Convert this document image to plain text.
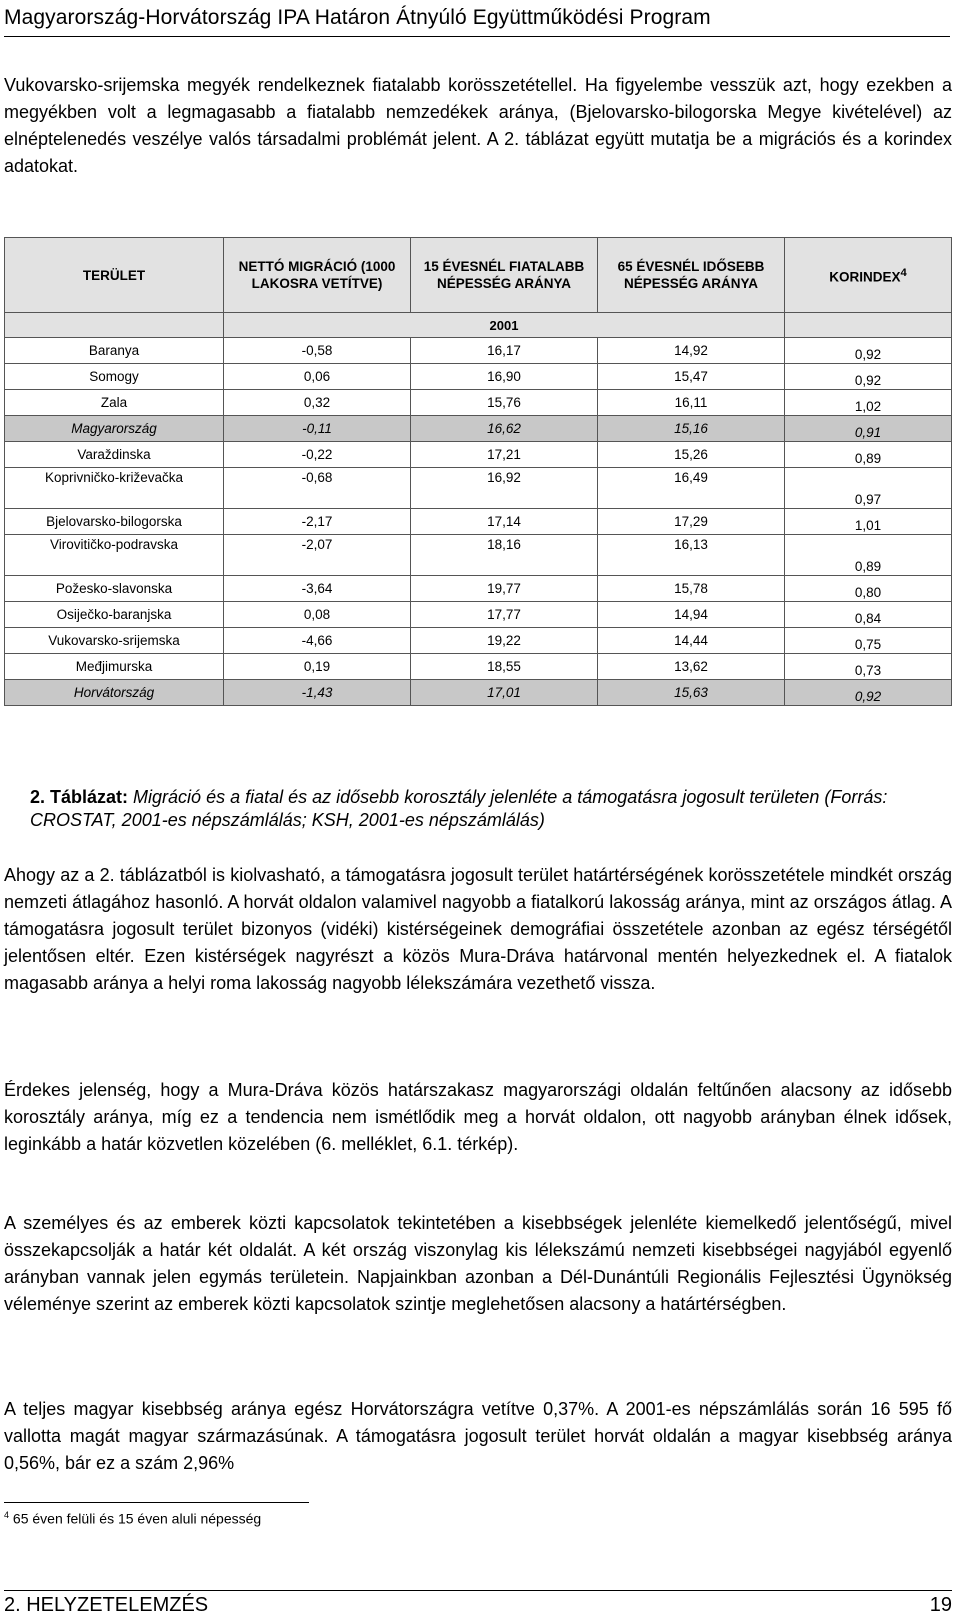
Magyarország-Horvátország IPA Határon Átnyúló Együttműködési Program

Vukovarsko-srijemska megyék rendelkeznek fiatalabb korösszetétellel. Ha figyelembe vesszük azt, hogy ezekben a megyékben volt a legmagasabb a fiatalabb nemzedékek aránya, (Bjelovarsko-bilogorska Megye kivételével) az elnéptelenedés veszélye valós társadalmi problémát jelent. A 2. táblázat együtt mutatja be a migrációs és a korindex adatokat.

TERÜLET	NETTÓ MIGRÁCIÓ (1000 LAKOSRA VETÍTVE)	15 ÉVESNÉL FIATALABB NÉPESSÉG ARÁNYA	65 ÉVESNÉL IDŐSEBB NÉPESSÉG ARÁNYA	KORINDEX$^4$
	2001			
Baranya	-0,58	16,17	14,92	0,92
Somogy	0,06	16,90	15,47	0,92
Zala	0,32	15,76	16,11	1,02
Magyarország	-0,11	16,62	15,16	0,91
Varaždinska	-0,22	17,21	15,26	0,89
Koprivničko-križevačka	-0,68	16,92	16,49	0,97
Bjelovarsko-bilogorska	-2,17	17,14	17,29	1,01
Virovitičko-podravska	-2,07	18,16	16,13	0,89
Požesko-slavonska	-3,64	19,77	15,78	0,80
Osiječko-baranjska	0,08	17,77	14,94	0,84
Vukovarsko-srijemska	-4,66	19,22	14,44	0,75
Međjimurska	0,19	18,55	13,62	0,73
Horvátország	-1,43	17,01	15,63	0,92
2. Táblázat: Migráció és a fiatal és az idősebb korosztály jelenléte a támogatásra jogosult területen (Forrás: CROSTAT, 2001-es népszámlálás; KSH, 2001-es népszámlálás)

Ahogy az a 2. táblázatból is kiolvasható, a támogatásra jogosult terület határtérségének korösszetétele mindkét ország nemzeti átlagához hasonló. A horvát oldalon valamivel nagyobb a fiatalkorú lakosság aránya, mint az országos átlag. A támogatásra jogosult terület bizonyos (vidéki) kistérségeinek demográfiai összetétele azonban az egész térségétől jelentősen eltér. Ezen kistérségek nagyrészt a közös Mura-Dráva határvonal mentén helyezkednek el. A fiatalok magasabb aránya a helyi roma lakosság nagyobb lélekszámára vezethető vissza.

Érdekes jelenség, hogy a Mura-Dráva közös határszakasz magyarországi oldalán feltűnően alacsony az idősebb korosztály aránya, míg ez a tendencia nem ismétlődik meg a horvát oldalon, ott nagyobb arányban élnek idősek, leginkább a határ közvetlen közelében (6. melléklet, 6.1. térkép).

A személyes és az emberek közti kapcsolatok tekintetében a kisebbségek jelenléte kiemelkedő jelentőségű, mivel összekapcsolják a határ két oldalát. A két ország viszonylag kis lélekszámú nemzeti kisebbségei nagyjából egyenlő arányban vannak jelen egymás területein. Napjainkban azonban a Dél-Dunántúli Regionális Fejlesztési Ügynökség véleménye szerint az emberek közti kapcsolatok szintje meglehetősen alacsony a határtérségben.

A teljes magyar kisebbség aránya egész Horvátországra vetítve 0,37%. A 2001-es népszámlálás során 16 595 fő vallotta magát magyar származásúnak. A támogatásra jogosult terület horvát oldalán a magyar kisebbség aránya 0,56%, bár ez a szám 2,96%

$^4$ 65 éven felüli és 15 éven aluli népesség
2. HELYZETELEMZÉS	19
